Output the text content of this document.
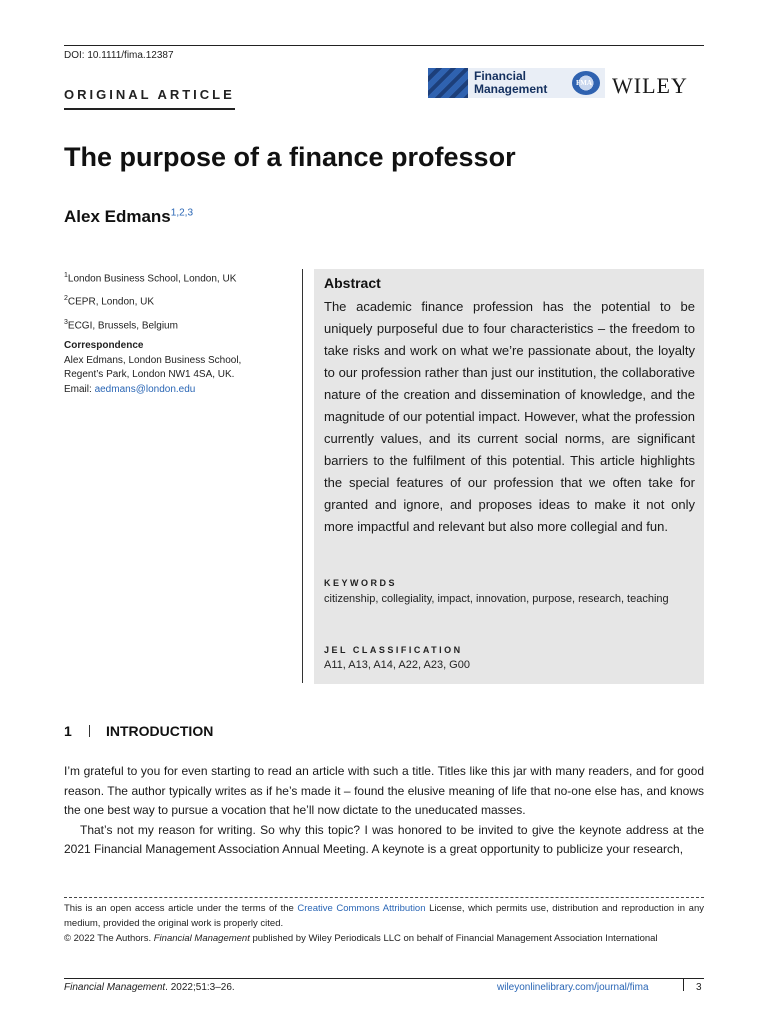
DOI: 10.1111/fima.12387
ORIGINAL ARTICLE
Financial
Management	FMA WILEY
The purpose of a finance professor
Alex Edmans$^{1,2,3}$
$^1$London Business School, London, UK
$^2$CEPR, London, UK
$^3$ECGI, Brussels, Belgium
Correspondence
Alex Edmans, London Business School,
Regent’s Park, London NW1 4SA, UK.
Email: aedmans@london.edu
Abstract
The academic finance profession has the potential to be uniquely purposeful due to four characteristics – the freedom to take risks and work on what we’re passionate about, the loyalty to our profession rather than just our institution, the collaborative nature of the creation and dissemination of knowledge, and the magnitude of our potential impact. However, what the profession currently values, and its current social norms, are significant barriers to the fulfilment of this potential. This article highlights the special features of our profession that we often take for granted and ignore, and proposes ideas to make it not only more impactful and relevant but also more collegial and fun.
KEYWORDS
citizenship, collegiality, impact, innovation, purpose, research, teaching
JEL CLASSIFICATION
A11, A13, A14, A22, A23, G00
1 INTRODUCTION

I’m grateful to you for even starting to read an article with such a title. Titles like this jar with many readers, and for good reason. The author typically writes as if he’s made it – found the elusive meaning of life that no-one else has, and knows the one best way to pursue a vocation that he’ll now dictate to the uneducated masses.

That’s not my reason for writing. So why this topic? I was honored to be invited to give the keynote address at the 2021 Financial Management Association Annual Meeting. A keynote is a great opportunity to publicize your research,

This is an open access article under the terms of the Creative Commons Attribution License, which permits use, distribution and reproduction in any medium, provided the original work is properly cited.
© 2022 The Authors. Financial Management published by Wiley Periodicals LLC on behalf of Financial Management Association International
Financial Management. 2022;51:3–26.	wileyonlinelibrary.com/journal/fima	3
